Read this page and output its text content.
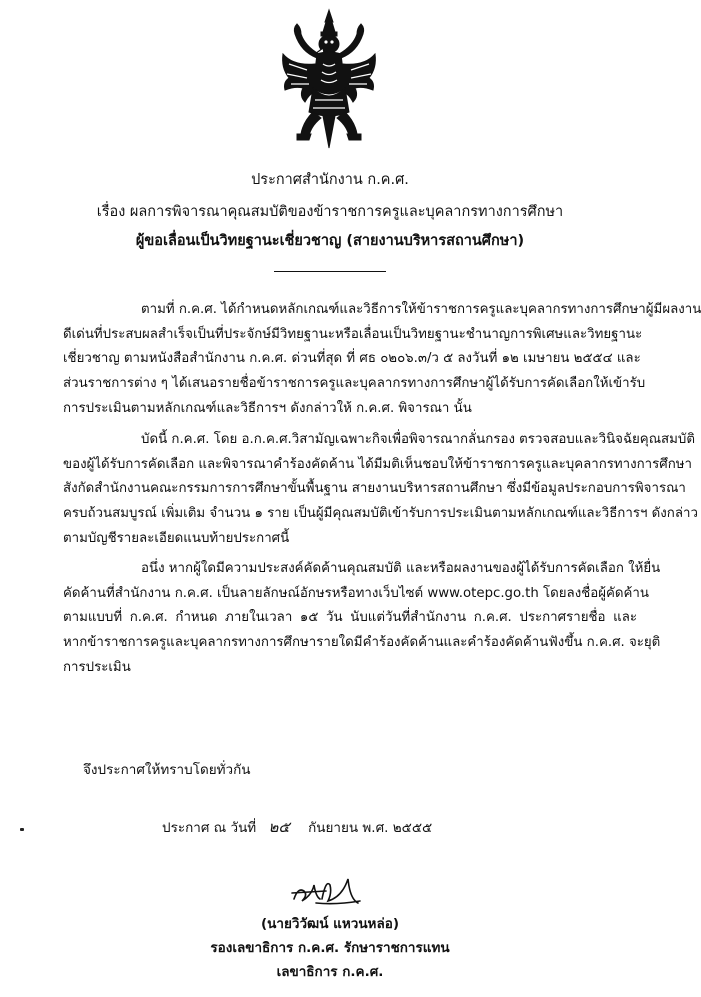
ประกาศสำนักงาน ก.ค.ศ.
เรื่อง ผลการพิจารณาคุณสมบัติของข้าราชการครูและบุคลากรทางการศึกษา
ผู้ขอเลื่อนเป็นวิทยฐานะเชี่ยวชาญ (สายงานบริหารสถานศึกษา)
ตามที่ ก.ค.ศ. ได้กำหนดหลักเกณฑ์และวิธีการให้ข้าราชการครูและบุคลากรทางการศึกษาผู้มีผลงาน
ดีเด่นที่ประสบผลสำเร็จเป็นที่ประจักษ์มีวิทยฐานะหรือเลื่อนเป็นวิทยฐานะชำนาญการพิเศษและวิทยฐานะ
เชี่ยวชาญ ตามหนังสือสำนักงาน ก.ค.ศ. ด่วนที่สุด ที่ ศธ ๐๒๐๖.๓/ว ๕ ลงวันที่ ๑๒ เมษายน ๒๕๕๔ และ
ส่วนราชการต่าง ๆ ได้เสนอรายชื่อข้าราชการครูและบุคลากรทางการศึกษาผู้ได้รับการคัดเลือกให้เข้ารับ
การประเมินตามหลักเกณฑ์และวิธีการฯ ดังกล่าวให้ ก.ค.ศ. พิจารณา นั้น
บัดนี้ ก.ค.ศ. โดย อ.ก.ค.ศ.วิสามัญเฉพาะกิจเพื่อพิจารณากลั่นกรอง ตรวจสอบและวินิจฉัยคุณสมบัติ
ของผู้ได้รับการคัดเลือก และพิจารณาคำร้องคัดค้าน ได้มีมติเห็นชอบให้ข้าราชการครูและบุคลากรทางการศึกษา
สังกัดสำนักงานคณะกรรมการการศึกษาขั้นพื้นฐาน สายงานบริหารสถานศึกษา ซึ่งมีข้อมูลประกอบการพิจารณา
ครบถ้วนสมบูรณ์ เพิ่มเติม จำนวน ๑ ราย เป็นผู้มีคุณสมบัติเข้ารับการประเมินตามหลักเกณฑ์และวิธีการฯ ดังกล่าว
ตามบัญชีรายละเอียดแนบท้ายประกาศนี้
อนึ่ง หากผู้ใดมีความประสงค์คัดค้านคุณสมบัติ และหรือผลงานของผู้ได้รับการคัดเลือก ให้ยื่น
คัดค้านที่สำนักงาน ก.ค.ศ. เป็นลายลักษณ์อักษรหรือทางเว็บไซต์ www.otepc.go.th โดยลงชื่อผู้คัดค้าน
ตามแบบที่ ก.ค.ศ. กำหนด ภายในเวลา ๑๕ วัน นับแต่วันที่สำนักงาน ก.ค.ศ. ประกาศรายชื่อ และ
หากข้าราชการครูและบุคลากรทางการศึกษารายใดมีคำร้องคัดค้านและคำร้องคัดค้านฟังขึ้น ก.ค.ศ. จะยุติ
การประเมิน
จึงประกาศให้ทราบโดยทั่วกัน
ประกาศ ณ วันที่ ๒๕ กันยายน พ.ศ. ๒๕๕๕
(นายวิวัฒน์ แหวนหล่อ)
รองเลขาธิการ ก.ค.ศ. รักษาราชการแทน
เลขาธิการ ก.ค.ศ.
